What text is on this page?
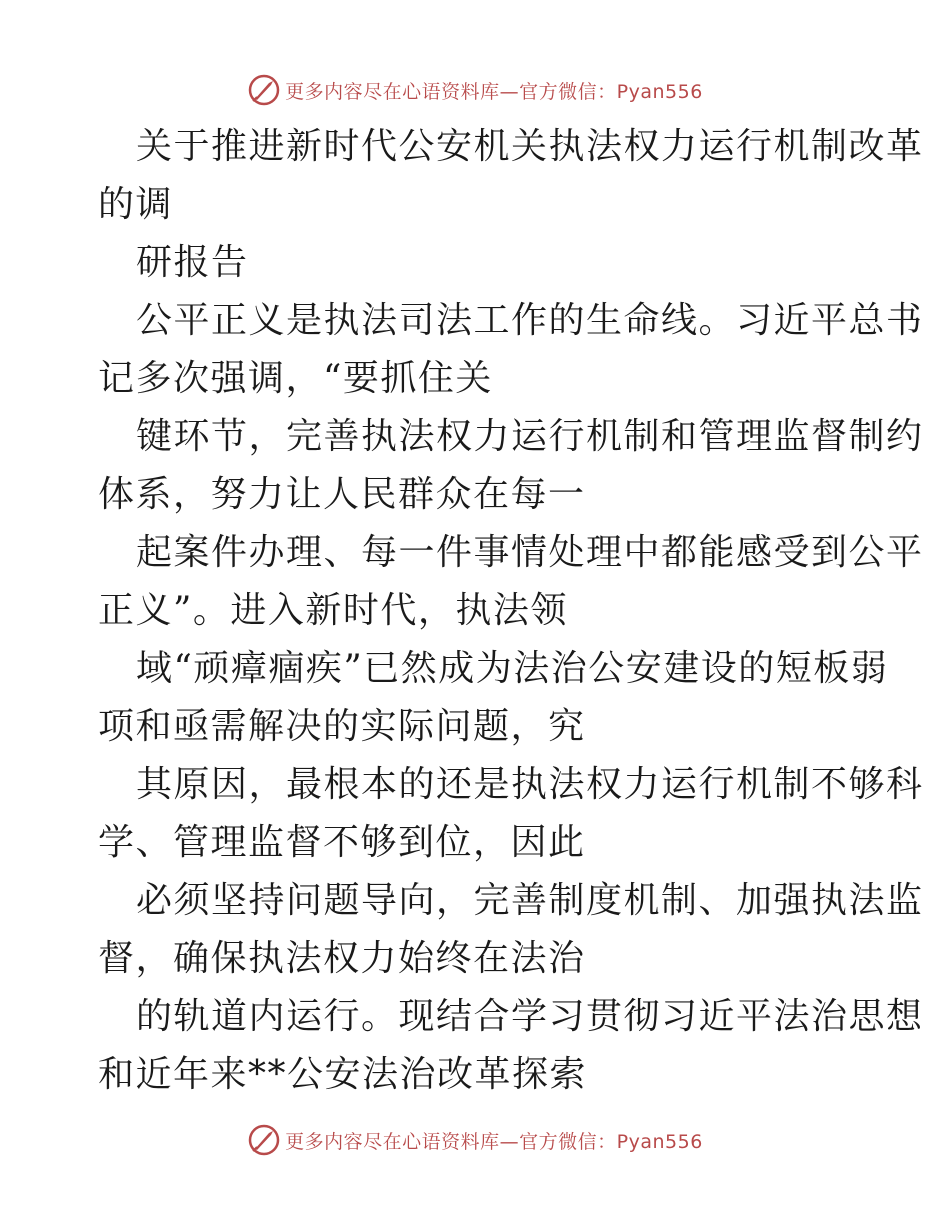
更多内容尽在心语资料库—官方微信：Pyan556
关于推进新时代公安机关执法权力运行机制改革
的调
研报告
公平正义是执法司法工作的生命线。习近平总书
记多次强调，“要抓住关
键环节，完善执法权力运行机制和管理监督制约
体系，努力让人民群众在每一
起案件办理、每一件事情处理中都能感受到公平
正义”。进入新时代，执法领
域“顽瘴痼疾”已然成为法治公安建设的短板弱
项和亟需解决的实际问题，究
其原因，最根本的还是执法权力运行机制不够科
学、管理监督不够到位，因此
必须坚持问题导向，完善制度机制、加强执法监
督，确保执法权力始终在法治
的轨道内运行。现结合学习贯彻习近平法治思想
和近年来**公安法治改革探索
更多内容尽在心语资料库—官方微信：Pyan556
